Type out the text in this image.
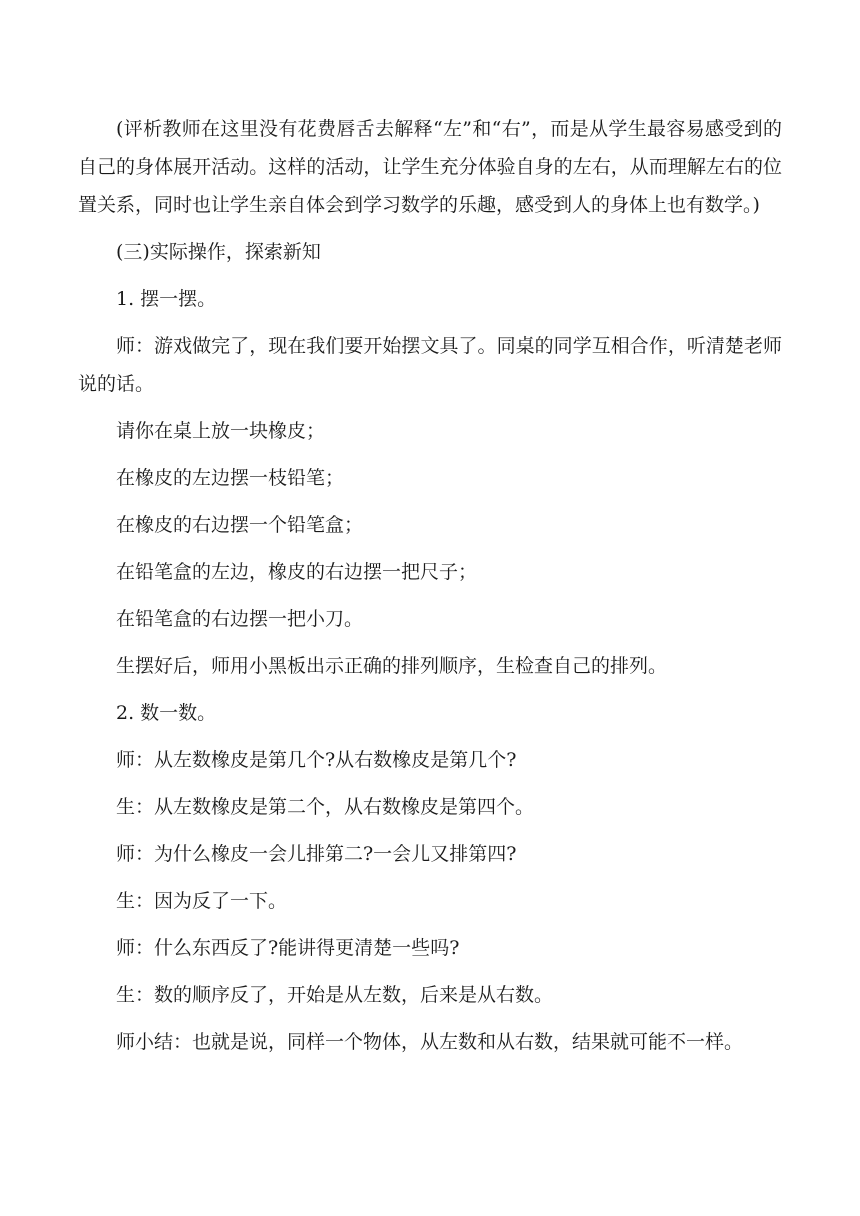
(评析教师在这里没有花费唇舌去解释“左”和“右”，而是从学生最容易感受到的自己的身体展开活动。这样的活动，让学生充分体验自身的左右，从而理解左右的位置关系，同时也让学生亲自体会到学习数学的乐趣，感受到人的身体上也有数学。)

(三)实际操作，探索新知

1. 摆一摆。

师：游戏做完了，现在我们要开始摆文具了。同桌的同学互相合作，听清楚老师说的话。

请你在桌上放一块橡皮；

在橡皮的左边摆一枝铅笔；

在橡皮的右边摆一个铅笔盒；

在铅笔盒的左边，橡皮的右边摆一把尺子；

在铅笔盒的右边摆一把小刀。

生摆好后，师用小黑板出示正确的排列顺序，生检查自己的排列。

2. 数一数。

师：从左数橡皮是第几个?从右数橡皮是第几个?

生：从左数橡皮是第二个，从右数橡皮是第四个。

师：为什么橡皮一会儿排第二?一会儿又排第四?

生：因为反了一下。

师：什么东西反了?能讲得更清楚一些吗?

生：数的顺序反了，开始是从左数，后来是从右数。

师小结：也就是说，同样一个物体，从左数和从右数，结果就可能不一样。
